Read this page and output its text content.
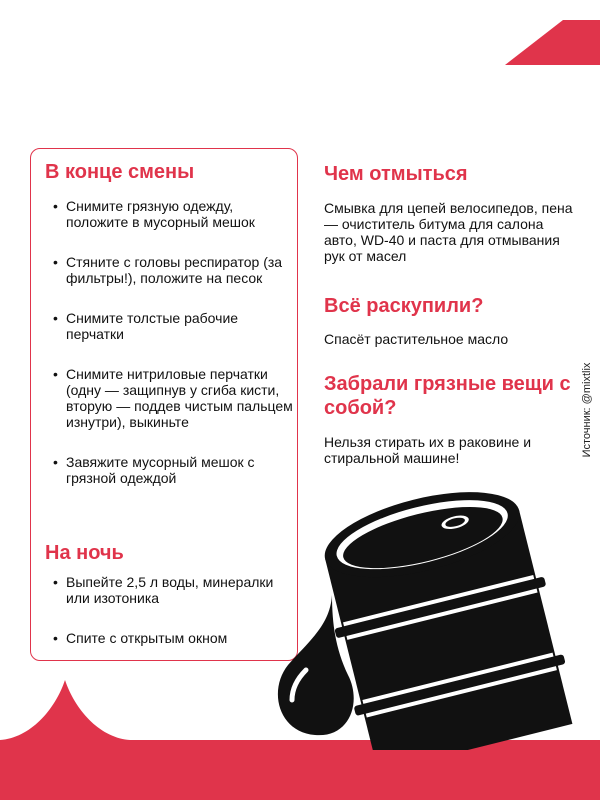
В конце смены
• Снимите грязную одежду, положите в мусорный мешок
• Стяните с головы респиратор (за фильтры!), положите на песок
• Снимите толстые рабочие перчатки
• Снимите нитриловые перчатки (одну — защипнув у сгиба кисти, вторую — поддев чистым пальцем изнутри), выкиньте
• Завяжите мусорный мешок с грязной одеждой
На ночь
• Выпейте 2,5 л воды, минералки или изотоника
• Спите с открытым окном
Чем отмыться
Смывка для цепей велосипедов, пена — очиститель битума для салона авто, WD-40 и паста для отмывания рук от масел
Всё раскупили?
Спасёт растительное масло
Забрали грязные вещи с собой?
Нельзя стирать их в раковине и стиральной машине!
Источник: @mixtlix
